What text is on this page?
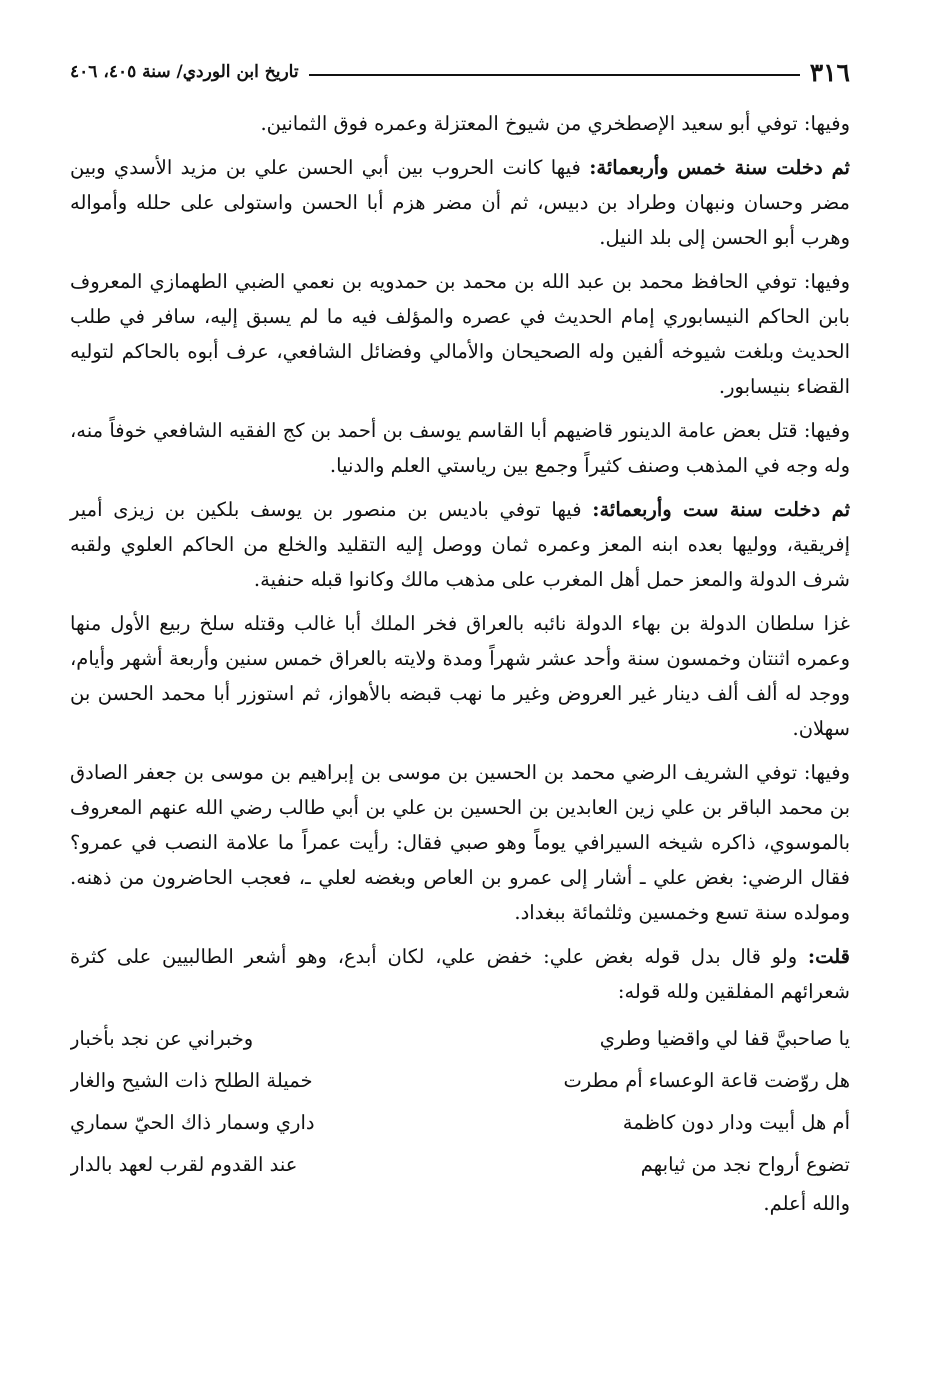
٣١٦
تاريخ ابن الوردي/ سنة ٤٠٥، ٤٠٦

وفيها: توفي أبو سعيد الإصطخري من شيوخ المعتزلة وعمره فوق الثمانين.

ثم دخلت سنة خمس وأربعمائة: فيها كانت الحروب بين أبي الحسن علي بن مزيد الأسدي وبين مضر وحسان ونبهان وطراد بن دبيس، ثم أن مضر هزم أبا الحسن واستولى على حلله وأمواله وهرب أبو الحسن إلى بلد النيل.

وفيها: توفي الحافظ محمد بن عبد الله بن محمد بن حمدويه بن نعمي الضبي الطهمازي المعروف بابن الحاكم النيسابوري إمام الحديث في عصره والمؤلف فيه ما لم يسبق إليه، سافر في طلب الحديث وبلغت شيوخه ألفين وله الصحيحان والأمالي وفضائل الشافعي، عرف أبوه بالحاكم لتوليه القضاء بنيسابور.

وفيها: قتل بعض عامة الدينور قاضيهم أبا القاسم يوسف بن أحمد بن كج الفقيه الشافعي خوفاً منه، وله وجه في المذهب وصنف كثيراً وجمع بين رياستي العلم والدنيا.

ثم دخلت سنة ست وأربعمائة: فيها توفي باديس بن منصور بن يوسف بلكين بن زيزى أمير إفريقية، ووليها بعده ابنه المعز وعمره ثمان ووصل إليه التقليد والخلع من الحاكم العلوي ولقبه شرف الدولة والمعز حمل أهل المغرب على مذهب مالك وكانوا قبله حنفية.

غزا سلطان الدولة بن بهاء الدولة نائبه بالعراق فخر الملك أبا غالب وقتله سلخ ربيع الأول منها وعمره اثنتان وخمسون سنة وأحد عشر شهراً ومدة ولايته بالعراق خمس سنين وأربعة أشهر وأيام، ووجد له ألف ألف دينار غير العروض وغير ما نهب قبضه بالأهواز، ثم استوزر أبا محمد الحسن بن سهلان.

وفيها: توفي الشريف الرضي محمد بن الحسين بن موسى بن إبراهيم بن موسى بن جعفر الصادق بن محمد الباقر بن علي زين العابدين بن الحسين بن علي بن أبي طالب رضي الله عنهم المعروف بالموسوي، ذاكره شيخه السيرافي يوماً وهو صبي فقال: رأيت عمراً ما علامة النصب في عمرو؟ فقال الرضي: بغض علي ـ أشار إلى عمرو بن العاص وبغضه لعلي ـ، فعجب الحاضرون من ذهنه. ومولده سنة تسع وخمسين وثلثمائة ببغداد.

قلت: ولو قال بدل قوله بغض علي: خفض علي، لكان أبدع، وهو أشعر الطالبيين على كثرة شعرائهم المفلقين ولله قوله:

يا صاحبيَّ قفا لي واقضيا وطري
وخبراني عن نجد بأخبار
هل روّضت قاعة الوعساء أم مطرت
خميلة الطلح ذات الشيح والغار
أم هل أبيت ودار دون كاظمة
داري وسمار ذاك الحيّ سماري
تضوع أرواح نجد من ثيابهم
عند القدوم لقرب لعهد بالدار

والله أعلم.
